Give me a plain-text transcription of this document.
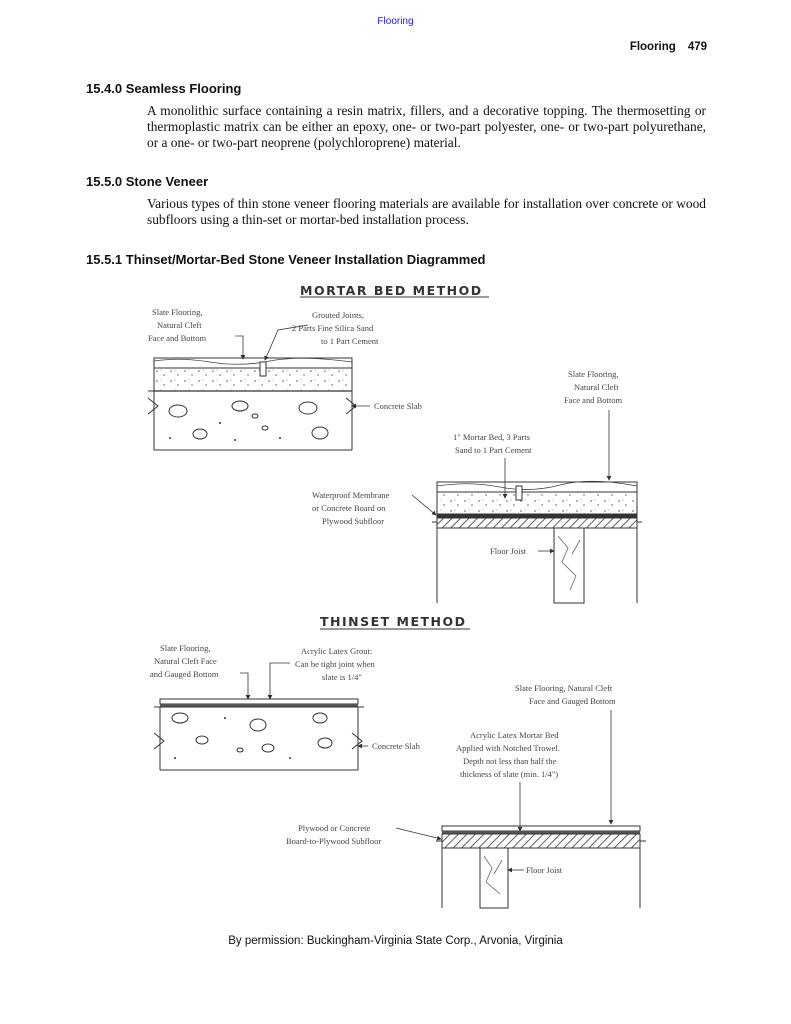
Flooring
Flooring 479
15.4.0 Seamless Flooring
A monolithic surface containing a resin matrix, fillers, and a decorative topping. The thermosetting or thermoplastic matrix can be either an epoxy, one- or two-part polyester, one- or two-part polyurethane, or a one- or two-part neoprene (polychloroprene) material.
15.5.0 Stone Veneer
Various types of thin stone veneer flooring materials are available for installation over concrete or wood subfloors using a thin-set or mortar-bed installation process.
15.5.1 Thinset/Mortar-Bed Stone Veneer Installation Diagrammed
MORTAR BED METHOD
Slate Flooring,
Natural Cleft
Face and Bottom
Grouted Joints,
2 Parts Fine Silica Sand
to 1 Part Cement
Concrete Slab
Slate Flooring,
Natural Cleft
Face and Bottom
1" Mortar Bed, 3 Parts
Sand to 1 Part Cement
Waterproof Membrane
or Concrete Board on
Plywood Subfloor
Floor Joist
THINSET METHOD
Slate Flooring,
Natural Cleft Face
and Gauged Bottom
Acrylic Latex Grout:
Can be tight joint when
slate is 1/4"
Concrete Slab
Slate Flooring, Natural Cleft
Face and Gauged Bottom
Acrylic Latex Mortar Bed
Applied with Notched Trowel.
Depth not less than half the
thickness of slate (min. 1/4")
Plywood or Concrete
Board-to-Plywood Subfloor
Floor Joist
By permission: Buckingham-Virginia State Corp., Arvonia, Virginia
